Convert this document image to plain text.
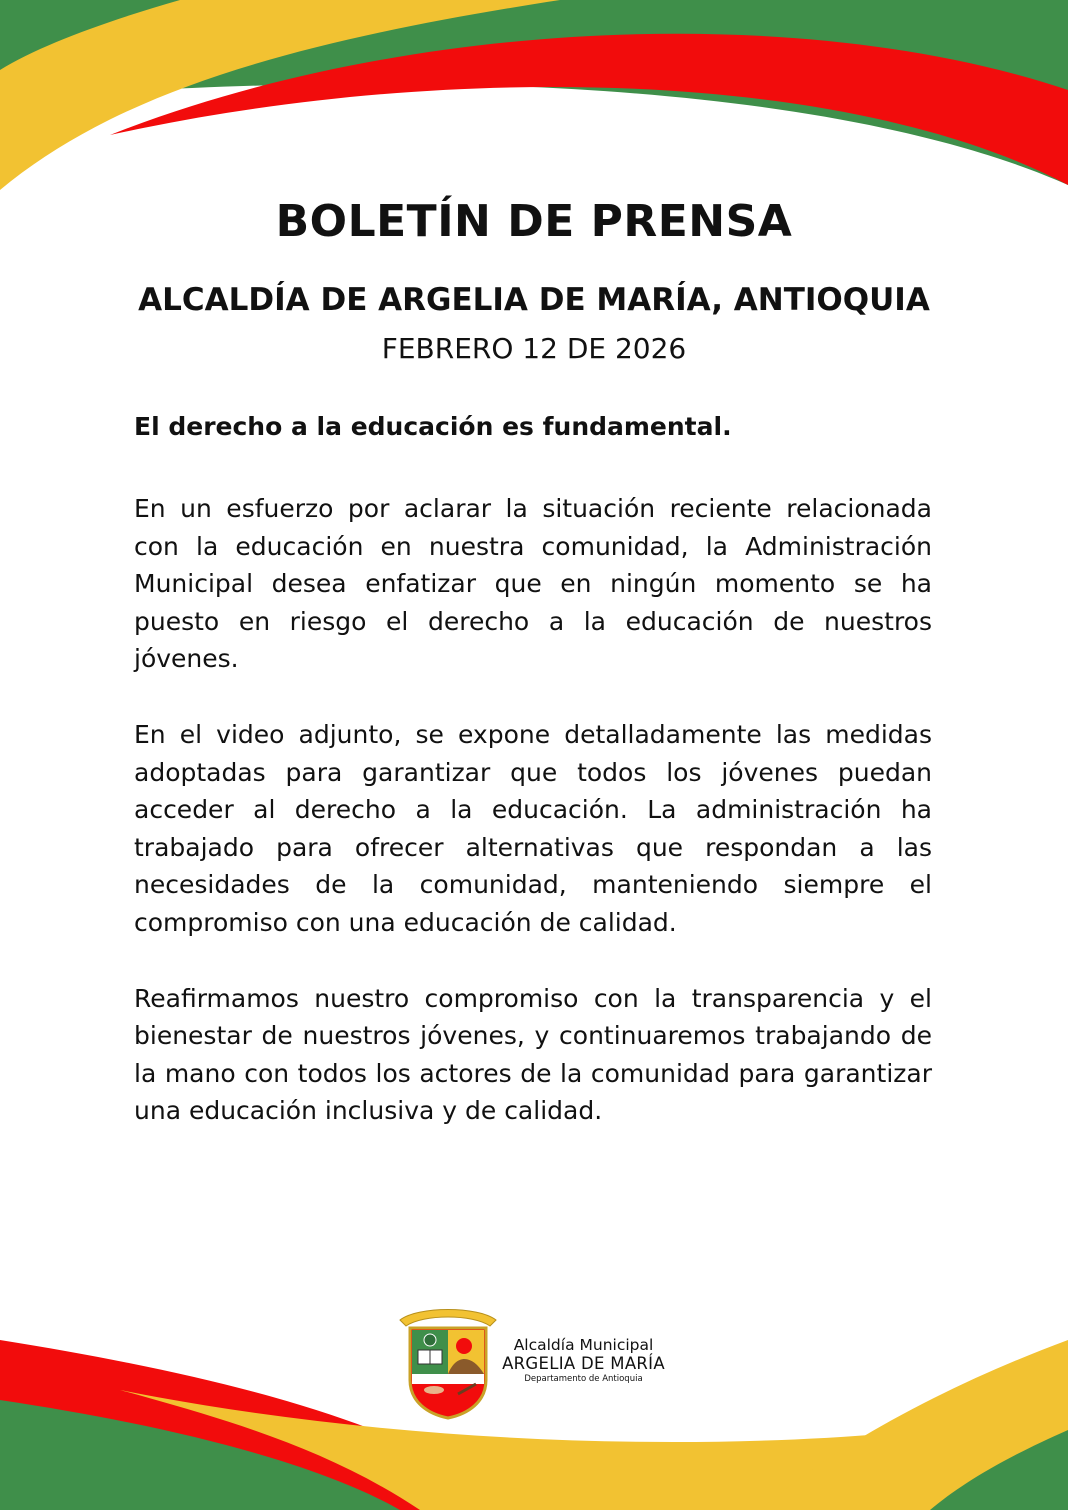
BOLETÍN DE PRENSA
ALCALDÍA DE ARGELIA DE MARÍA, ANTIOQUIA

FEBRERO 12 DE 2026

El derecho a la educación es fundamental.

En un esfuerzo por aclarar la situación reciente relacionada con la educación en nuestra comunidad, la Administración Municipal desea enfatizar que en ningún momento se ha puesto en riesgo el derecho a la educación de nuestros jóvenes.

En el video adjunto, se expone detalladamente las medidas adoptadas para garantizar que todos los jóvenes puedan acceder al derecho a la educación. La administración ha trabajado para ofrecer alternativas que respondan a las necesidades de la comunidad, manteniendo siempre el compromiso con una educación de calidad.

Reafirmamos nuestro compromiso con la transparencia y el bienestar de nuestros jóvenes, y continuaremos trabajando de la mano con todos los actores de la comunidad para garantizar una educación inclusiva y de calidad.

Alcaldía Municipal
ARGELIA DE MARÍA
Departamento de Antioquia
